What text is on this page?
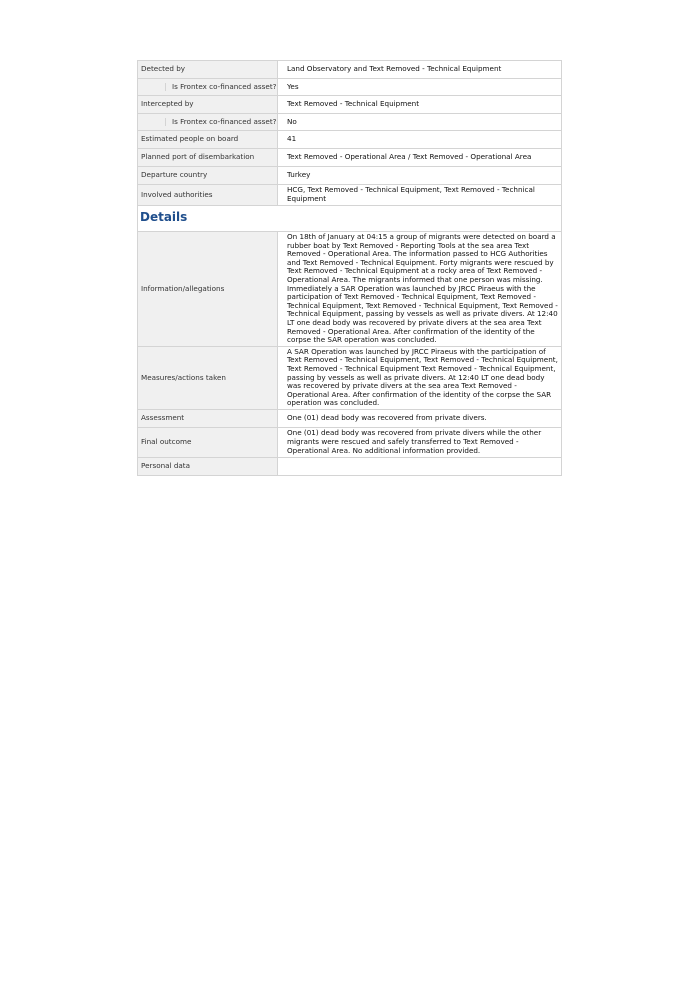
Detected by	Land Observatory and Text Removed - Technical Equipment

Is Frontex co-financed asset?	Yes
Intercepted by	Text Removed - Technical Equipment

Is Frontex co-financed asset?	No
Estimated people on board	41
Planned port of disembarkation	Text Removed - Operational Area / Text Removed - Operational Area
Departure country	Turkey
Involved authorities	HCG, Text Removed - Technical Equipment, Text Removed - Technical Equipment
Details	
Information/allegations	On 18th of January at 04:15 a group of migrants were detected on board a rubber boat by Text Removed - Reporting Tools at the sea area Text Removed - Operational Area. The information passed to HCG Authorities and Text Removed - Technical Equipment. Forty migrants were rescued by Text Removed - Technical Equipment at a rocky area of Text Removed - Operational Area. The migrants informed that one person was missing. Immediately a SAR Operation was launched by JRCC Piraeus with the participation of Text Removed - Technical Equipment, Text Removed - Technical Equipment, Text Removed - Technical Equipment, Text Removed - Technical Equipment, passing by vessels as well as private divers. At 12:40 LT one dead body was recovered by private divers at the sea area Text Removed - Operational Area. After confirmation of the identity of the corpse the SAR operation was concluded.
Measures/actions taken	A SAR Operation was launched by JRCC Piraeus with the participation of Text Removed - Technical Equipment, Text Removed - Technical Equipment, Text Removed - Technical Equipment Text Removed - Technical Equipment, passing by vessels as well as private divers. At 12:40 LT one dead body was recovered by private divers at the sea area Text Removed - Operational Area. After confirmation of the identity of the corpse the SAR operation was concluded.
Assessment	One (01) dead body was recovered from private divers.
Final outcome	One (01) dead body was recovered from private divers while the other migrants were rescued and safely transferred to Text Removed - Operational Area. No additional information provided.
Personal data	
